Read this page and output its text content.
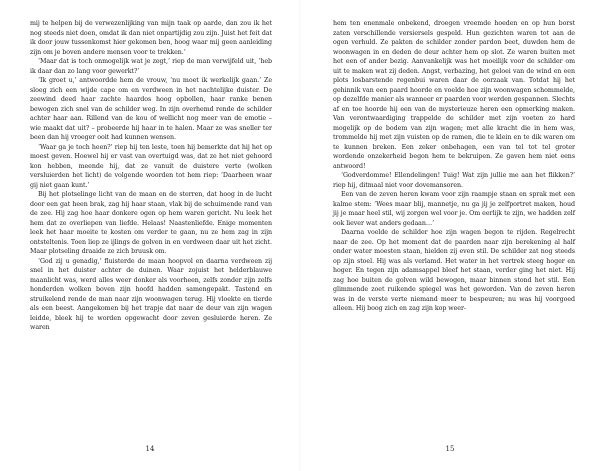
mij te helpen bij de verwezenlijking van mijn taak op aarde, dan zou ik het nog steeds niet doen, omdat ik dan niet onpartijdig zou zijn. Juist het feit dat ik door jouw tussenkomst hier gekomen ben, hoog waar mij geen aanleiding zijn om je boven andere mensen voor te trekken.’

‘Maar dat is toch onmogelijk wat je zegt,’ riep de man verwijfeld uit, ‘heb ik daar dan zo lang voor gewerkt?’

‘Ik groet u,’ antwoordde hem de vrouw, ‘nu moet ik werkelijk gaan.’ Ze sloeg zich een wijde cape om en verdween in het nachtelijke duister. De zeewind deed haar zachte haardos hoog opbollen, haar ranke benen bewogen zich snel van de schilder weg. In zijn overhemd rende de schilder achter haar aan. Rillend van de kou of wellicht nog meer van de emotie – wie maakt dat uit? – probeerde hij haar in te halen. Maar ze was sneller ter been dan hij vroeger ooit had kunnen wensen.

‘Waar ga je toch heen?’ riep hij ten leste, toen hij bemerkte dat hij het op moest geven. Hoewel hij er vast van overtuigd was, dat ze het niet gehoord kon hebben, meende hij, dat ze vanuit de duistere verte (wolken versluierden het licht) de volgende woorden tot hem riep: ‘Daarheen waar gij niet gaan kunt.’

Bij het plotselinge licht van de maan en de sterren, dat hoog in de lucht door een gat heen brak, zag hij haar staan, vlak bij de schuimende rand van de zee. Hij zag hoe haar donkere ogen op hem waren gericht. Nu leek het hem dat ze overliepen van liefde. Helaas! Naastenliefde. Enige momenten leek het haar moeite te kosten om verder te gaan, nu ze hem zag in zijn ontsteltenis. Toen liep ze ijlings de golven in en verdween daar uit het zicht. Maar plotseling draaide ze zich bruusk om.

‘God zij u genadig,’ fluisterde de maan hoopvol en daarna verdween zij snel in het duister achter de duinen. Waar zojuist het helderblauwe maanlicht was, werd alles weer donker als voorheen, zelfs zonder zijn zelfs honderden wolken boven zijn hoofd hadden samengepakt. Tastend en struikelend rende de man naar zijn woonwagen terug. Hij vloekte en tierde als een beest. Aangekomen bij het trapje dat naar de deur van zijn wagen leidde, bleek hij te worden opgewacht door zeven gesluierde heren. Ze waren

14

hem ten enenmale onbekend, droegen vreemde hoeden en op hun borst zaten verschillende versiersels gespeld. Hun gezichten waren tot aan de ogen verhuld. Ze pakten de schilder zonder pardon beet, duwden hem de woonwagen in en deden de deur achter hem op slot. Ze waren buiten met het een of ander bezig. Aanvankelijk was het moeilijk voor de schilder om uit te maken wat zij deden. Angst, verbazing, het geloei van de wind en een plots losbarstende regenbui waren daar de oorzaak van. Totdat hij het gehinnik van een paard hoorde en voelde hoe zijn woonwagen schommelde, op dezelfde manier als wanneer er paarden voor werden gespannen. Slechts af en toe hoorde hij een van de mysterieuze heren een opmerking maken. Van verontwaardiging trappelde de schilder met zijn voeten zo hard mogelijk op de bodem van zijn wagen; met alle kracht die in hem was, trommelde hij met zijn vuisten op de ramen, die te klein en te dik waren om te kunnen breken. Een zeker onbehagen, een van tel tot tel groter wordende onzekerheid begon hem te bekruipen. Ze gaven hem niet eens antwoord!

‘Godverdomme! Ellendelingen! Tuig! Wat zijn jullie me aan het flikken?’ riep hij, ditmaal niet voor dovemansoren.

Een van de zeven heren kwam voor zijn raampje staan en sprak met een kalme stem: ‘Wees maar blij, mannetje, nu ga jij je zelfportret maken, houd jij je maar heel stil, wij zorgen wel voor je. Om eerlijk te zijn, we hadden zelf ook liever wat anders gedaan…’

Daarna voelde de schilder hoe zijn wagen begon te rijden. Regelrecht naar de zee. Op het moment dat de paarden naar zijn berekening al half onder water moesten staan, hielden zij even stil. De schilder zat nog steeds op zijn stoel. Hij was als verlamd. Het water in het vertrek steeg hoger en hoger. En tegen zijn adamsappel bleef het staan, verder ging het niet. Hij zag hoe buiten de golven wild bewogen, maar binnen stond het stil. Een glimmende zoet ruikende spiegel was het geworden. Van de zeven heren was in de verste verte niemand meer te bespeuren; nu was hij voorgoed alleen. Hij boog zich en zag zijn kop weer-

15
